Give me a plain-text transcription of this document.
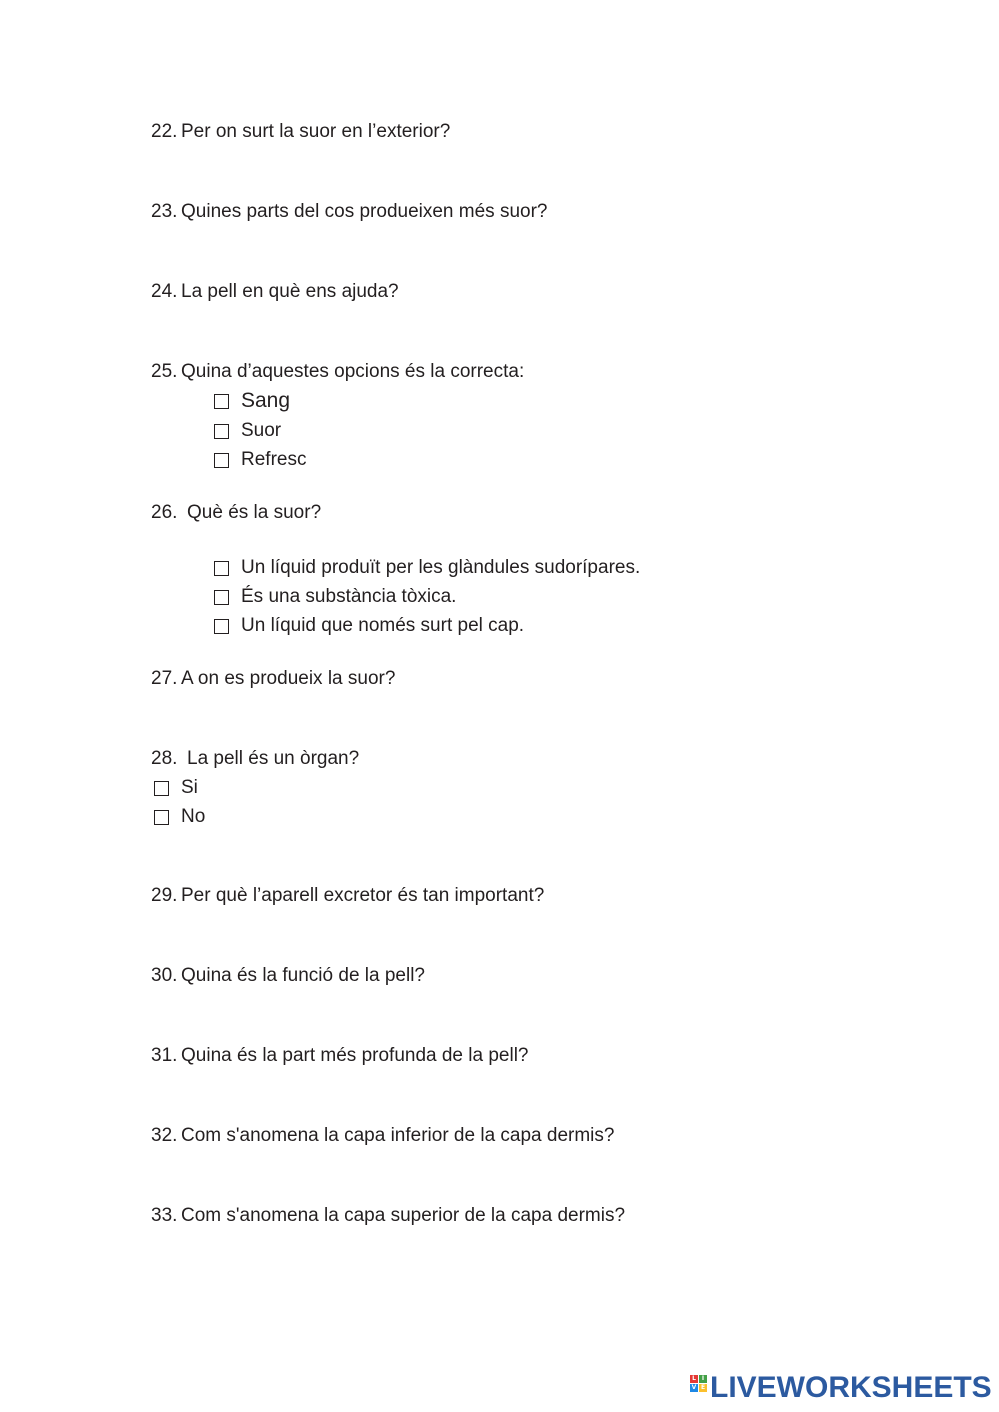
22. Per on surt la suor en l’exterior?
23. Quines parts del cos produeixen més suor?
24. La pell en què ens ajuda?
25. Quina d’aquestes opcions és la correcta:
Sang
Suor
Refresc
26. Què és la suor?
Un líquid produït per les glàndules sudorípares.
És una substància tòxica.
Un líquid que només surt pel cap.
27. A on es produeix la suor?
28. La pell és un òrgan?
Si
No
29. Per què l’aparell excretor és tan important?
30. Quina és la funció de la pell?
31. Quina és la part més profunda de la pell?
32. Com s'anomena la capa inferior de la capa dermis?
33. Com s'anomena la capa superior de la capa dermis?
L I
V E LIVEWORKSHEETS
